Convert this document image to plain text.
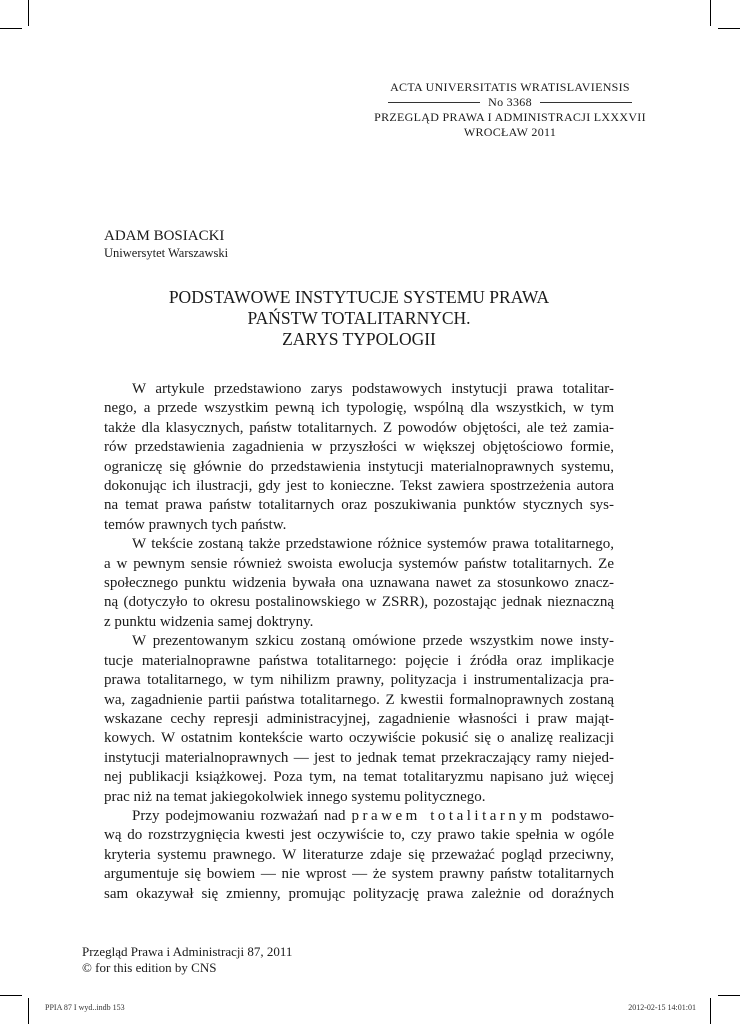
ACTA UNIVERSITATIS WRATISLAVIENSIS
No 3368
PRZEGLĄD PRAWA I ADMINISTRACJI LXXXVII
WROCŁAW 2011
ADAM BOSIACKI
Uniwersytet Warszawski
PODSTAWOWE INSTYTUCJE SYSTEMU PRAWA
PAŃSTW TOTALITARNYCH.
ZARYS TYPOLOGII
W artykule przedstawiono zarys podstawowych instytucji prawa totalitar-
nego, a przede wszystkim pewną ich typologię, wspólną dla wszystkich, w tym
także dla klasycznych, państw totalitarnych. Z powodów objętości, ale też zamia-
rów przedstawienia zagadnienia w przyszłości w większej objętościowo formie,
ograniczę się głównie do przedstawienia instytucji materialnoprawnych systemu,
dokonując ich ilustracji, gdy jest to konieczne. Tekst zawiera spostrzeżenia autora
na temat prawa państw totalitarnych oraz poszukiwania punktów stycznych sys-
temów prawnych tych państw.
W tekście zostaną także przedstawione różnice systemów prawa totalitarnego,
a w pewnym sensie również swoista ewolucja systemów państw totalitarnych. Ze
społecznego punktu widzenia bywała ona uznawana nawet za stosunkowo znacz-
ną (dotyczyło to okresu postalinowskiego w ZSRR), pozostając jednak nieznaczną
z punktu widzenia samej doktryny.
W prezentowanym szkicu zostaną omówione przede wszystkim nowe insty-
tucje materialnoprawne państwa totalitarnego: pojęcie i źródła oraz implikacje
prawa totalitarnego, w tym nihilizm prawny, polityzacja i instrumentalizacja pra-
wa, zagadnienie partii państwa totalitarnego. Z kwestii formalnoprawnych zostaną
wskazane cechy represji administracyjnej, zagadnienie własności i praw mająt-
kowych. W ostatnim kontekście warto oczywiście pokusić się o analizę realizacji
instytucji materialnoprawnych — jest to jednak temat przekraczający ramy niejed-
nej publikacji książkowej. Poza tym, na temat totalitaryzmu napisano już więcej
prac niż na temat jakiegokolwiek innego systemu politycznego.
Przy podejmowaniu rozważań nad prawem totalitarnym podstawo-
wą do rozstrzygnięcia kwesti jest oczywiście to, czy prawo takie spełnia w ogóle
kryteria systemu prawnego. W literaturze zdaje się przeważać pogląd przeciwny,
argumentuje się bowiem — nie wprost — że system prawny państw totalitarnych
sam okazywał się zmienny, promując polityzację prawa zależnie od doraźnych
Przegląd Prawa i Administracji 87, 2011
© for this edition by CNS
PPIA 87 I wyd..indb 153	2012-02-15 14:01:01
